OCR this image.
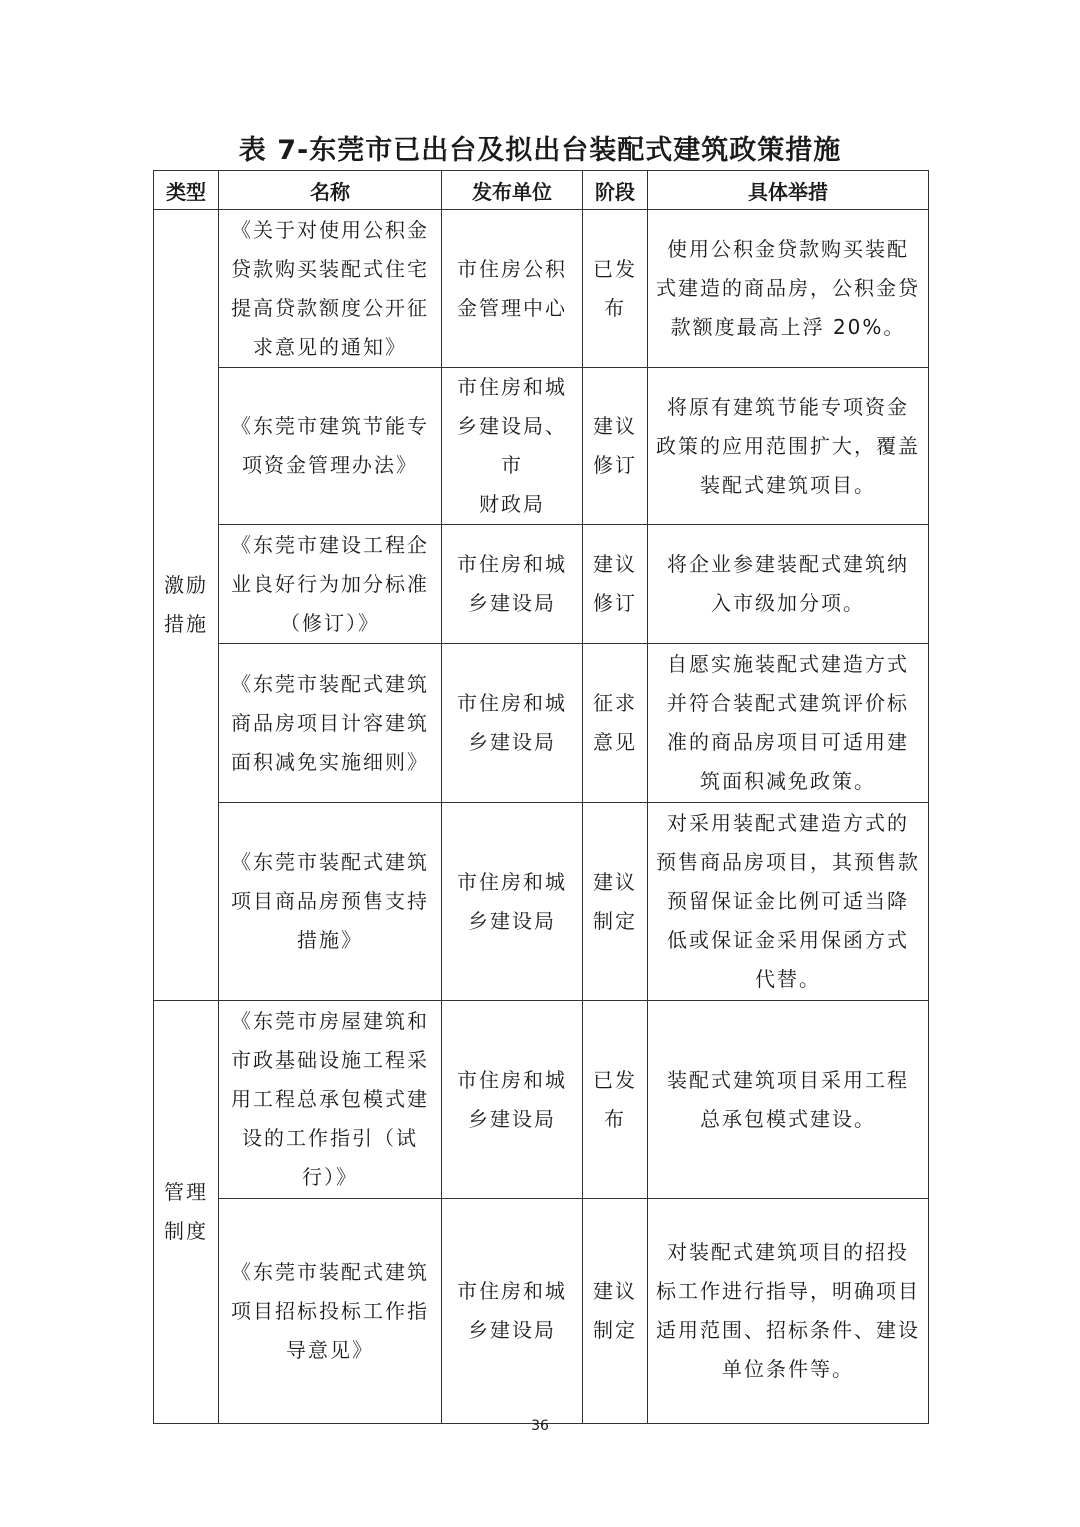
表 7-东莞市已出台及拟出台装配式建筑政策措施
类型	名称	发布单位	阶段	具体举措

激励
措施	《关于对使用公积金
贷款购买装配式住宅
提高贷款额度公开征
求意见的通知》	市住房公积
金管理中心	已发
布	使用公积金贷款购买装配
式建造的商品房，公积金贷
款额度最高上浮 20%。

	《东莞市建筑节能专
项资金管理办法》	市住房和城
乡建设局、市
财政局	建议
修订	将原有建筑节能专项资金
政策的应用范围扩大，覆盖
装配式建筑项目。

	《东莞市建设工程企
业良好行为加分标准
（修订）》	市住房和城
乡建设局	建议
修订	将企业参建装配式建筑纳
入市级加分项。

	《东莞市装配式建筑
商品房项目计容建筑
面积减免实施细则》	市住房和城
乡建设局	征求
意见	自愿实施装配式建造方式
并符合装配式建筑评价标
准的商品房项目可适用建
筑面积减免政策。

	《东莞市装配式建筑
项目商品房预售支持
措施》	市住房和城
乡建设局	建议
制定	对采用装配式建造方式的
预售商品房项目，其预售款
预留保证金比例可适当降
低或保证金采用保函方式
代替。

管理
制度	《东莞市房屋建筑和
市政基础设施工程采
用工程总承包模式建
设的工作指引（试
行）》	市住房和城
乡建设局	已发
布	装配式建筑项目采用工程
总承包模式建设。

	《东莞市装配式建筑
项目招标投标工作指
导意见》	市住房和城
乡建设局	建议
制定	对装配式建筑项目的招投
标工作进行指导，明确项目
适用范围、招标条件、建设
单位条件等。
36
